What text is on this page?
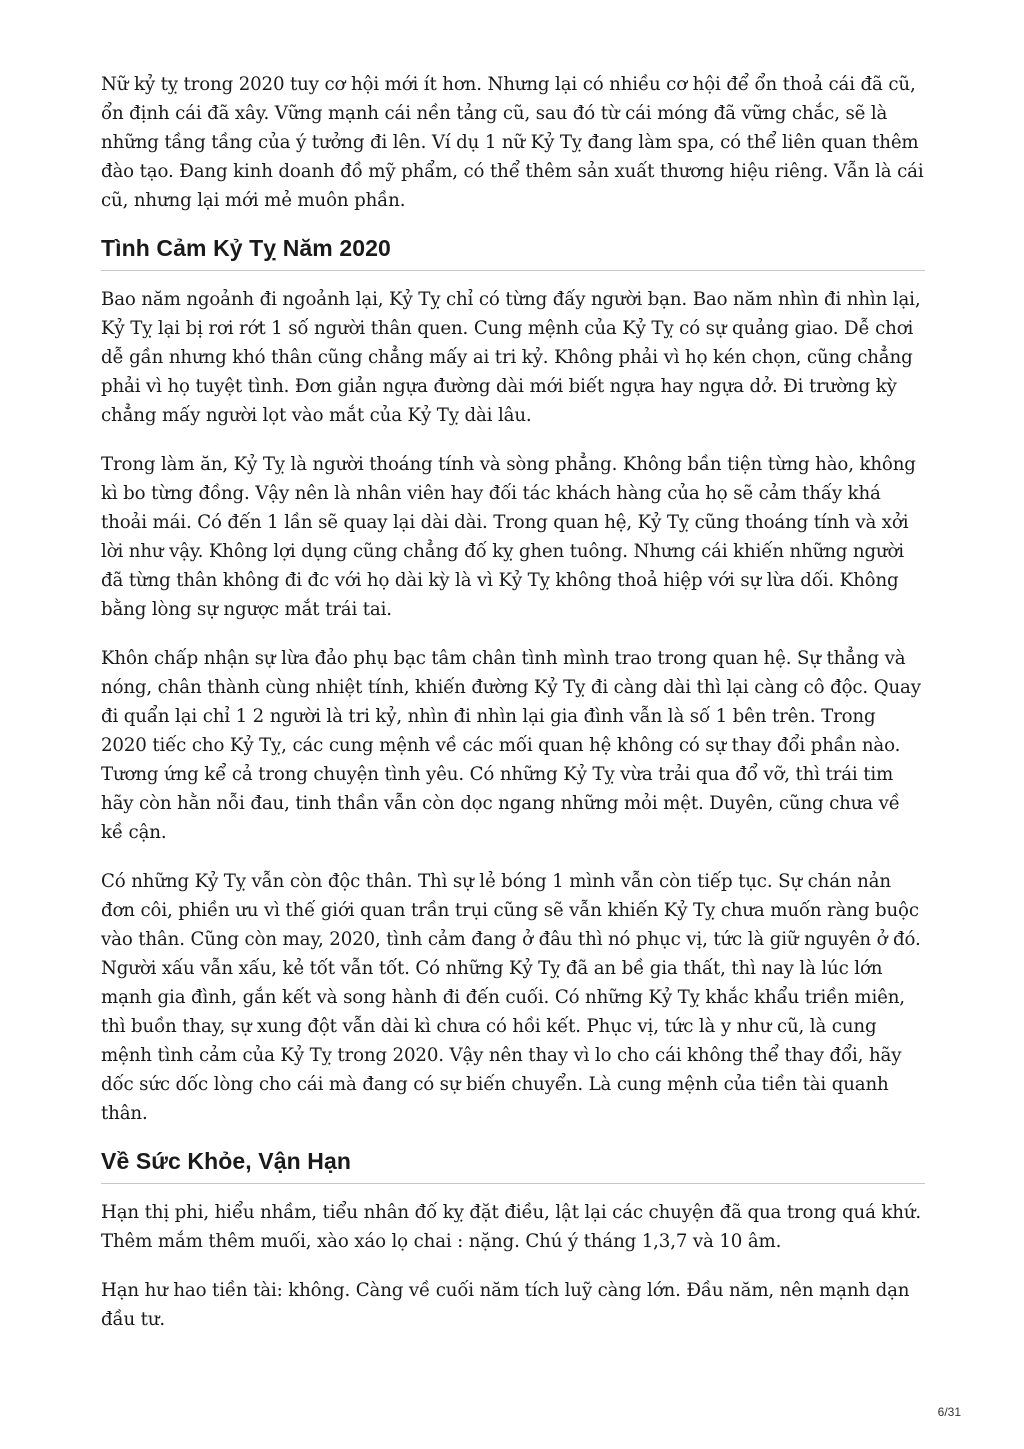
Nữ kỷ tỵ trong 2020 tuy cơ hội mới ít hơn. Nhưng lại có nhiều cơ hội để ổn thoả cái đã cũ, ổn định cái đã xây. Vững mạnh cái nền tảng cũ, sau đó từ cái móng đã vững chắc, sẽ là những tầng tầng của ý tưởng đi lên. Ví dụ 1 nữ Kỷ Tỵ đang làm spa, có thể liên quan thêm đào tạo. Đang kinh doanh đồ mỹ phẩm, có thể thêm sản xuất thương hiệu riêng. Vẫn là cái cũ, nhưng lại mới mẻ muôn phần.

Tình Cảm Kỷ Tỵ Năm 2020

Bao năm ngoảnh đi ngoảnh lại, Kỷ Tỵ chỉ có từng đấy người bạn. Bao năm nhìn đi nhìn lại, Kỷ Tỵ lại bị rơi rớt 1 số người thân quen. Cung mệnh của Kỷ Tỵ có sự quảng giao. Dễ chơi dễ gần nhưng khó thân cũng chẳng mấy ai tri kỷ. Không phải vì họ kén chọn, cũng chẳng phải vì họ tuyệt tình. Đơn giản ngựa đường dài mới biết ngựa hay ngựa dở. Đi trường kỳ chẳng mấy người lọt vào mắt của Kỷ Tỵ dài lâu.

Trong làm ăn, Kỷ Tỵ là người thoáng tính và sòng phẳng. Không bần tiện từng hào, không kì bo từng đồng. Vậy nên là nhân viên hay đối tác khách hàng của họ sẽ cảm thấy khá thoải mái. Có đến 1 lần sẽ quay lại dài dài. Trong quan hệ, Kỷ Tỵ cũng thoáng tính và xởi lời như vậy. Không lợi dụng cũng chẳng đố kỵ ghen tuông. Nhưng cái khiến những người đã từng thân không đi đc với họ dài kỳ là vì Kỷ Tỵ không thoả hiệp với sự lừa dối. Không bằng lòng sự ngược mắt trái tai.

Khôn chấp nhận sự lừa đảo phụ bạc tâm chân tình mình trao trong quan hệ. Sự thẳng và nóng, chân thành cùng nhiệt tính, khiến đường Kỷ Tỵ đi càng dài thì lại càng cô độc. Quay đi quẩn lại chỉ 1 2 người là tri kỷ, nhìn đi nhìn lại gia đình vẫn là số 1 bên trên. Trong 2020 tiếc cho Kỷ Tỵ, các cung mệnh về các mối quan hệ không có sự thay đổi phần nào. Tương ứng kể cả trong chuyện tình yêu. Có những Kỷ Tỵ vừa trải qua đổ vỡ, thì trái tim hãy còn hằn nỗi đau, tinh thần vẫn còn dọc ngang những mỏi mệt. Duyên, cũng chưa về kề cận.

Có những Kỷ Tỵ vẫn còn độc thân. Thì sự lẻ bóng 1 mình vẫn còn tiếp tục. Sự chán nản đơn côi, phiền ưu vì thế giới quan trần trụi cũng sẽ vẫn khiến Kỷ Tỵ chưa muốn ràng buộc vào thân. Cũng còn may, 2020, tình cảm đang ở đâu thì nó phục vị, tức là giữ nguyên ở đó. Người xấu vẫn xấu, kẻ tốt vẫn tốt. Có những Kỷ Tỵ đã an bề gia thất, thì nay là lúc lớn mạnh gia đình, gắn kết và song hành đi đến cuối. Có những Kỷ Tỵ khắc khẩu triền miên, thì buồn thay, sự xung đột vẫn dài kì chưa có hồi kết. Phục vị, tức là y như cũ, là cung mệnh tình cảm của Kỷ Tỵ trong 2020. Vậy nên thay vì lo cho cái không thể thay đổi, hãy dốc sức dốc lòng cho cái mà đang có sự biến chuyển. Là cung mệnh của tiền tài quanh thân.

Về Sức Khỏe, Vận Hạn

Hạn thị phi, hiểu nhầm, tiểu nhân đố kỵ đặt điều, lật lại các chuyện đã qua trong quá khứ. Thêm mắm thêm muối, xào xáo lọ chai : nặng. Chú ý tháng 1,3,7 và 10 âm.

Hạn hư hao tiền tài: không. Càng về cuối năm tích luỹ càng lớn. Đầu năm, nên mạnh dạn đầu tư.

6/31
